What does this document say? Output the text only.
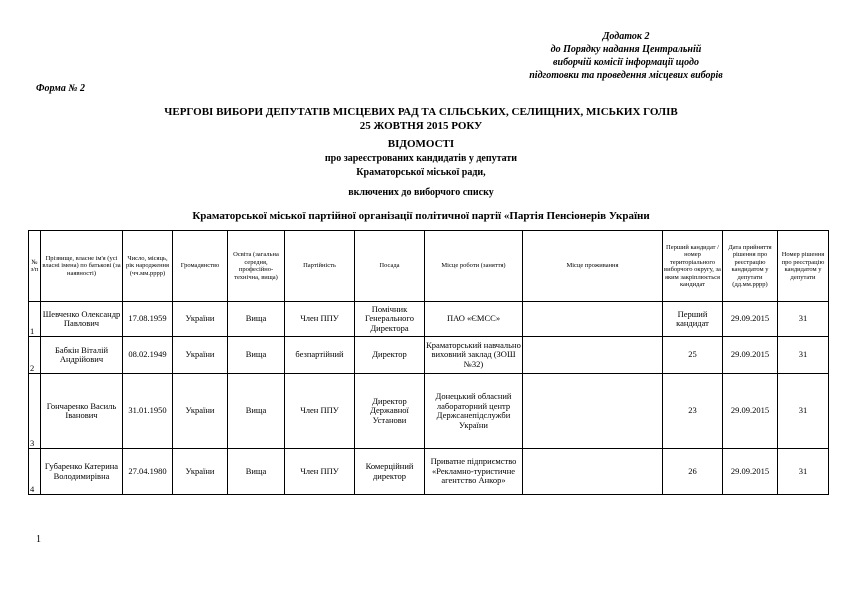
Додаток 2
до Порядку надання Центральній
виборчій комісії інформації щодо
підготовки та проведення місцевих виборів
Форма № 2
ЧЕРГОВІ ВИБОРИ ДЕПУТАТІВ МІСЦЕВИХ РАД ТА СІЛЬСЬКИХ, СЕЛИЩНИХ, МІСЬКИХ ГОЛІВ
25 ЖОВТНЯ 2015 РОКУ
ВІДОМОСТІ
про зареєстрованих кандидатів у депутати
Краматорської міської ради,
включених до виборчого списку
Краматорської міської партійної організації політичної партії «Партія Пенсіонерів України
№ з/п	Прізвище, власне ім'я (усі власні імена) по батькові (за наявності)	Число, місяць, рік народження (чч.мм.рррр)	Громадянство	Освіта (загальна середня, професійно-технічна, вища)	Партійність	Посада	Місце роботи (заняття)	Місце проживання	Перший кандидат / номер територіального виборчого округу, за яким закріплюється кандидат	Дата прийняття рішення про реєстрацію кандидатом у депутати (дд.мм.рррр)	Номер рішення про реєстрацію кандидатом у депутати
1	Шевченко Олександр Павлович	17.08.1959	України	Вища	Член ППУ	Помічник Генерального Директора	ПАО «ЄМСС»		Перший кандидат	29.09.2015	31
2	Бабкін Віталій Андрійович	08.02.1949	України	Вища	безпартійний	Директор	Краматорський навчально виховний заклад (ЗОШ №32)		25	29.09.2015	31
3	Гончаренко Василь Іванович	31.01.1950	України	Вища	Член ППУ	Директор Державної Установи	Донецький обласний лабораторний центр Держсанепідслужби України		23	29.09.2015	31
4	Губаренко Катерина Володимирівна	27.04.1980	України	Вища	Член ППУ	Комерційний директор	Приватне підприємство «Рекламно-туристичне агентство Анкор»		26	29.09.2015	31
1
